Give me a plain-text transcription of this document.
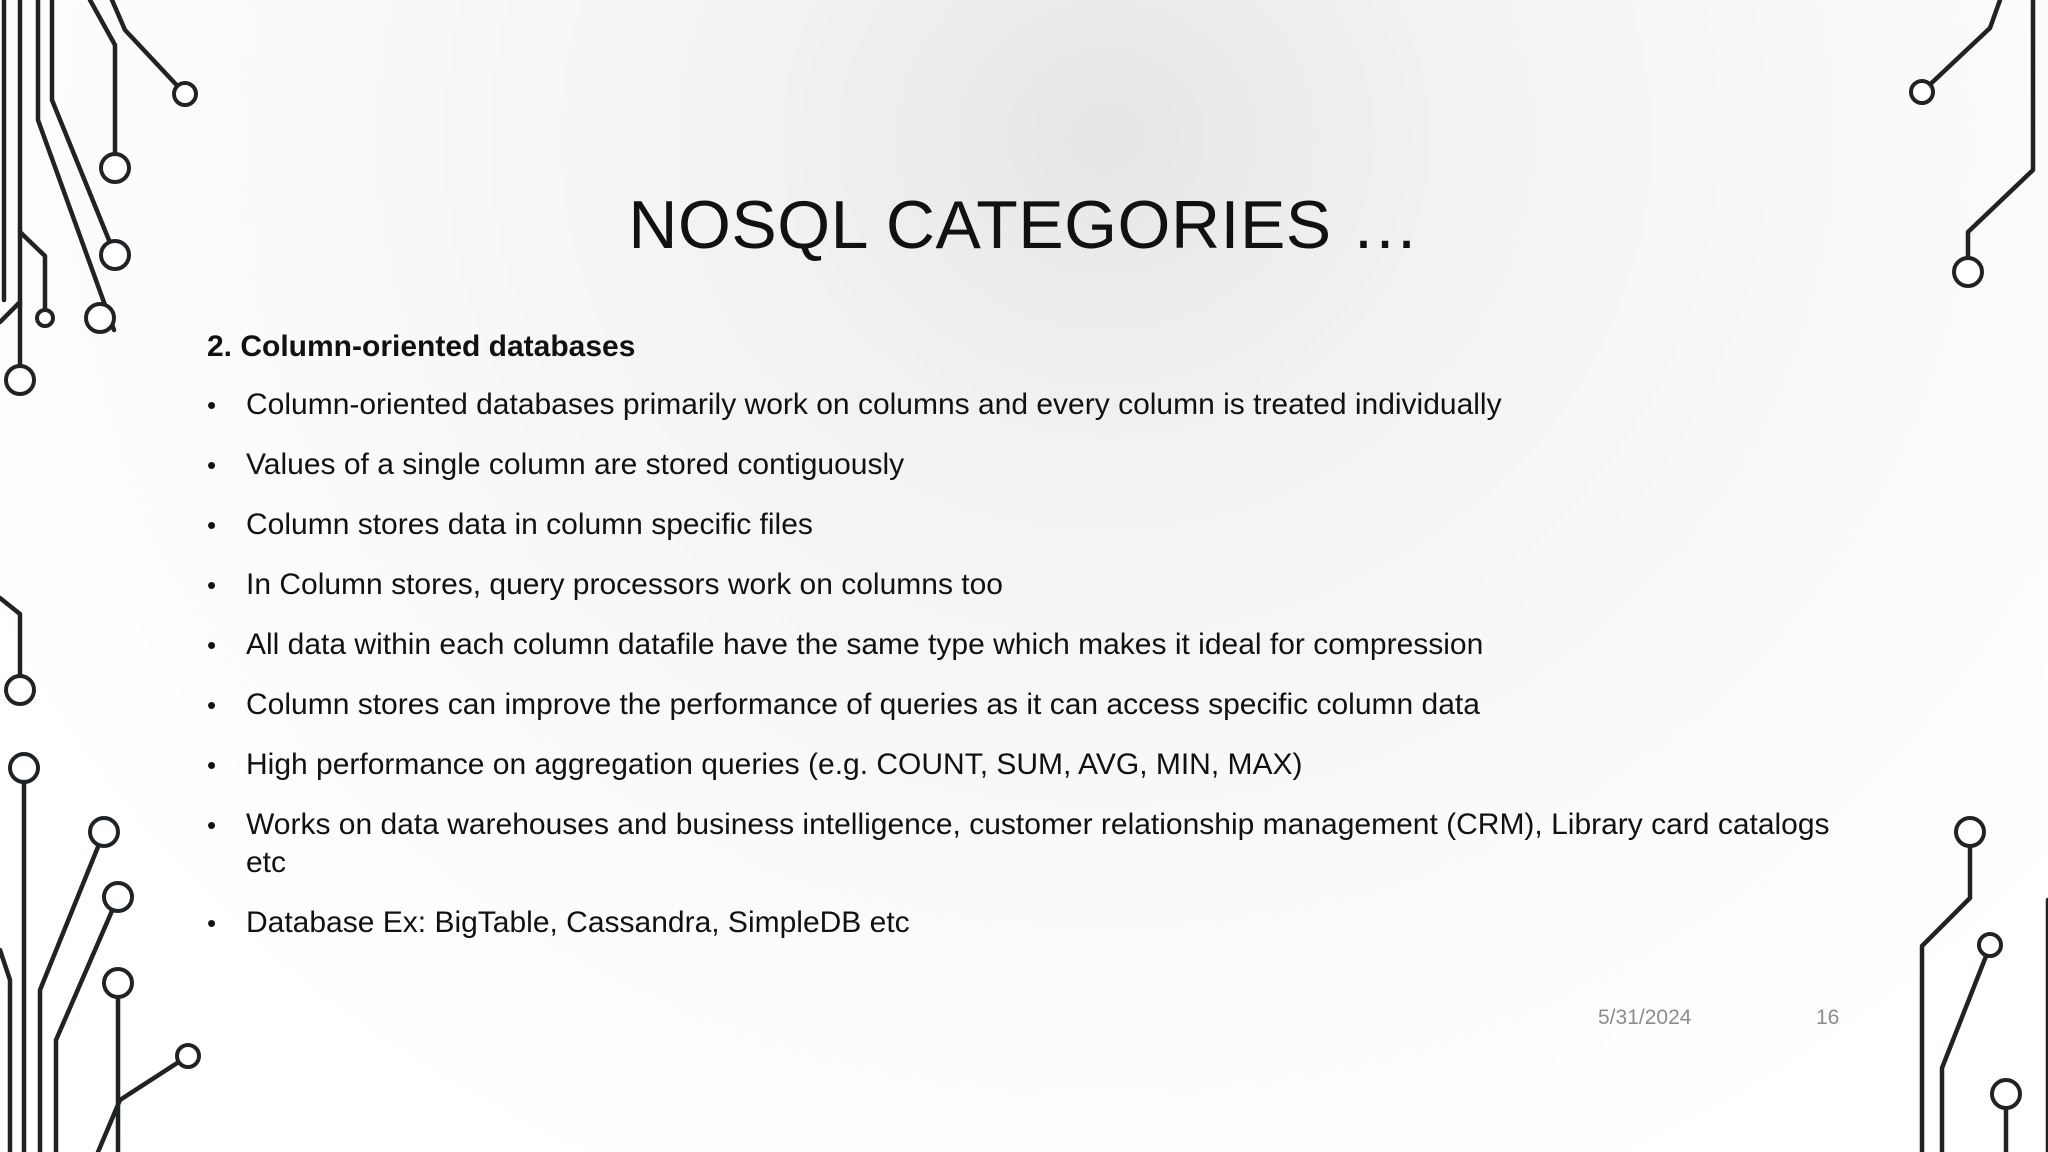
NOSQL CATEGORIES …
2. Column-oriented databases
• Column-oriented databases primarily work on columns and every column is treated individually
• Values of a single column are stored contiguously
• Column stores data in column specific files
• In Column stores, query processors work on columns too
• All data within each column datafile have the same type which makes it ideal for compression
• Column stores can improve the performance of queries as it can access specific column data
• High performance on aggregation queries (e.g. COUNT, SUM, AVG, MIN, MAX)
• Works on data warehouses and business intelligence, customer relationship management (CRM), Library card catalogs etc
• Database Ex: BigTable, Cassandra, SimpleDB etc
5/31/2024	16
